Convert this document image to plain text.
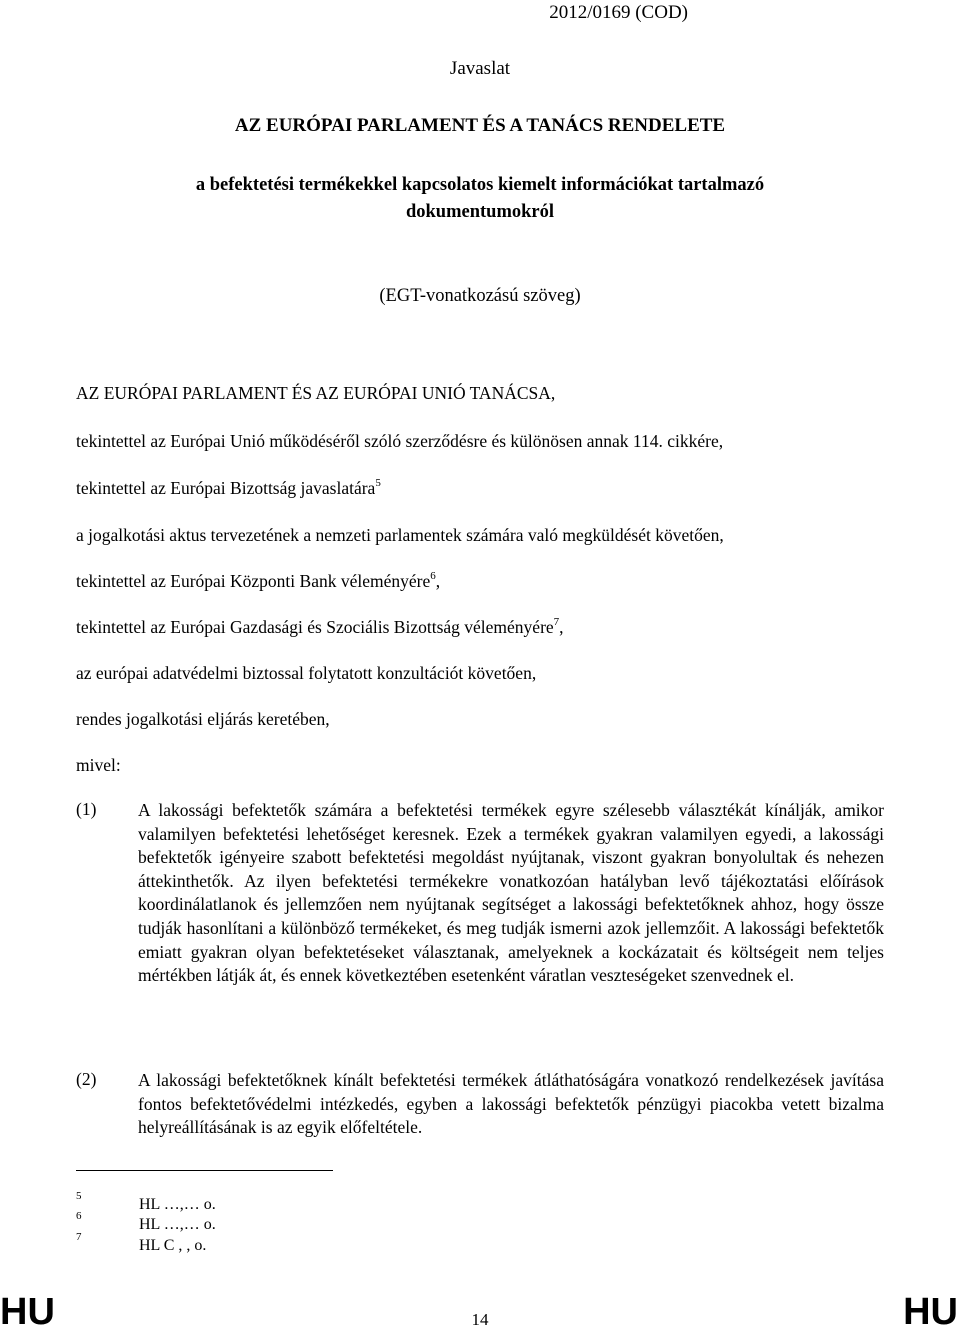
2012/0169 (COD)
Javaslat
AZ EURÓPAI PARLAMENT ÉS A TANÁCS RENDELETE
a befektetési termékekkel kapcsolatos kiemelt információkat tartalmazó dokumentumokról
(EGT-vonatkozású szöveg)
AZ EURÓPAI PARLAMENT ÉS AZ EURÓPAI UNIÓ TANÁCSA,
tekintettel az Európai Unió működéséről szóló szerződésre és különösen annak 114. cikkére,
tekintettel az Európai Bizottság javaslatára$^5$
a jogalkotási aktus tervezetének a nemzeti parlamentek számára való megküldését követően,
tekintettel az Európai Központi Bank véleményére$^6$,
tekintettel az Európai Gazdasági és Szociális Bizottság véleményére$^7$,
az európai adatvédelmi biztossal folytatott konzultációt követően,
rendes jogalkotási eljárás keretében,
mivel:
(1) A lakossági befektetők számára a befektetési termékek egyre szélesebb választékát kínálják, amikor valamilyen befektetési lehetőséget keresnek. Ezek a termékek gyakran valamilyen egyedi, a lakossági befektetők igényeire szabott befektetési megoldást nyújtanak, viszont gyakran bonyolultak és nehezen áttekinthetők. Az ilyen befektetési termékekre vonatkozóan hatályban levő tájékoztatási előírások koordinálatlanok és jellemzően nem nyújtanak segítséget a lakossági befektetőknek ahhoz, hogy össze tudják hasonlítani a különböző termékeket, és meg tudják ismerni azok jellemzőit. A lakossági befektetők emiatt gyakran olyan befektetéseket választanak, amelyeknek a kockázatait és költségeit nem teljes mértékben látják át, és ennek következtében esetenként váratlan veszteségeket szenvednek el.
(2) A lakossági befektetőknek kínált befektetési termékek átláthatóságára vonatkozó rendelkezések javítása fontos befektetővédelmi intézkedés, egyben a lakossági befektetők pénzügyi piacokba vetett bizalma helyreállításának is az egyik előfeltétele.
5	HL …,… o.
6	HL …,… o.
7	HL C , , o.
HU	14	HU
